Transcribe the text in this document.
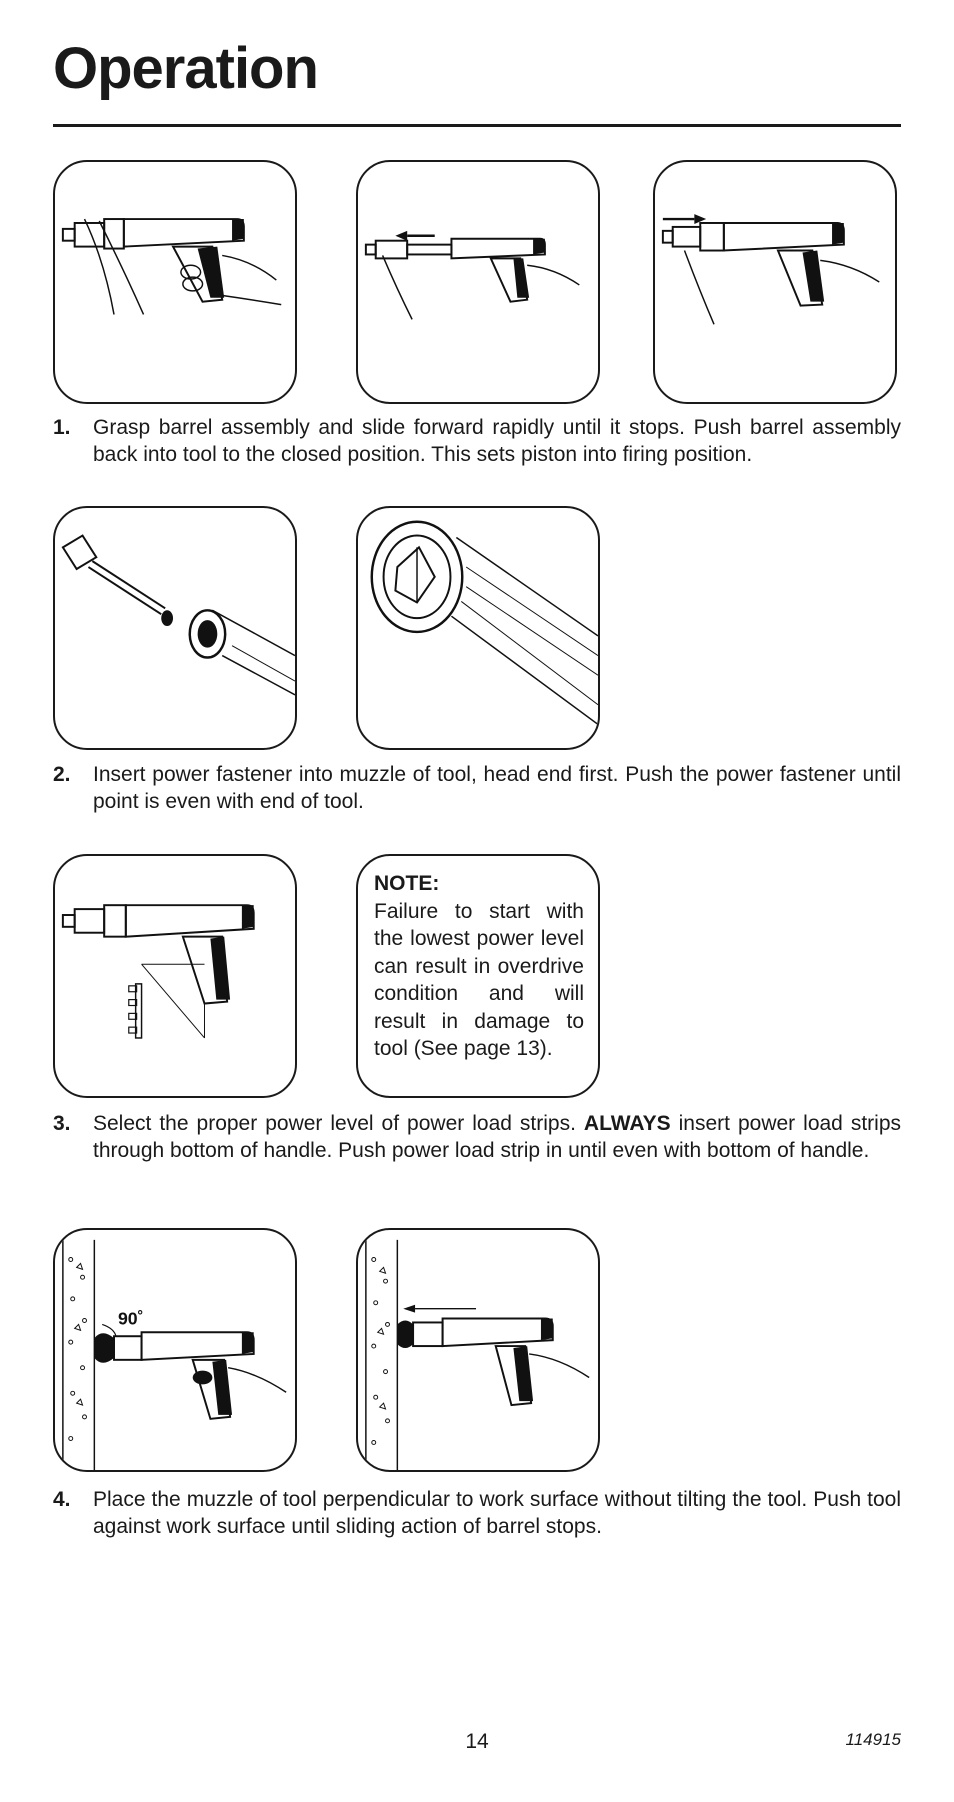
Operation
1. Grasp barrel assembly and slide forward rapidly until it stops. Push barrel assembly back into tool to the closed position. This sets piston into firing position.
2. Insert power fastener into muzzle of tool, head end first. Push the power fastener until point is even with end of tool.
NOTE:
Failure to start with the lowest power level can result in overdrive condition and will result in damage to tool (See page 13).
3. Select the proper power level of power load strips. ALWAYS insert power load strips through bottom of handle. Push power load strip in until even with bottom of handle.
90˚
4. Place the muzzle of tool perpendicular to work surface without tilting the tool. Push tool against work surface until sliding action of barrel stops.
14	114915
